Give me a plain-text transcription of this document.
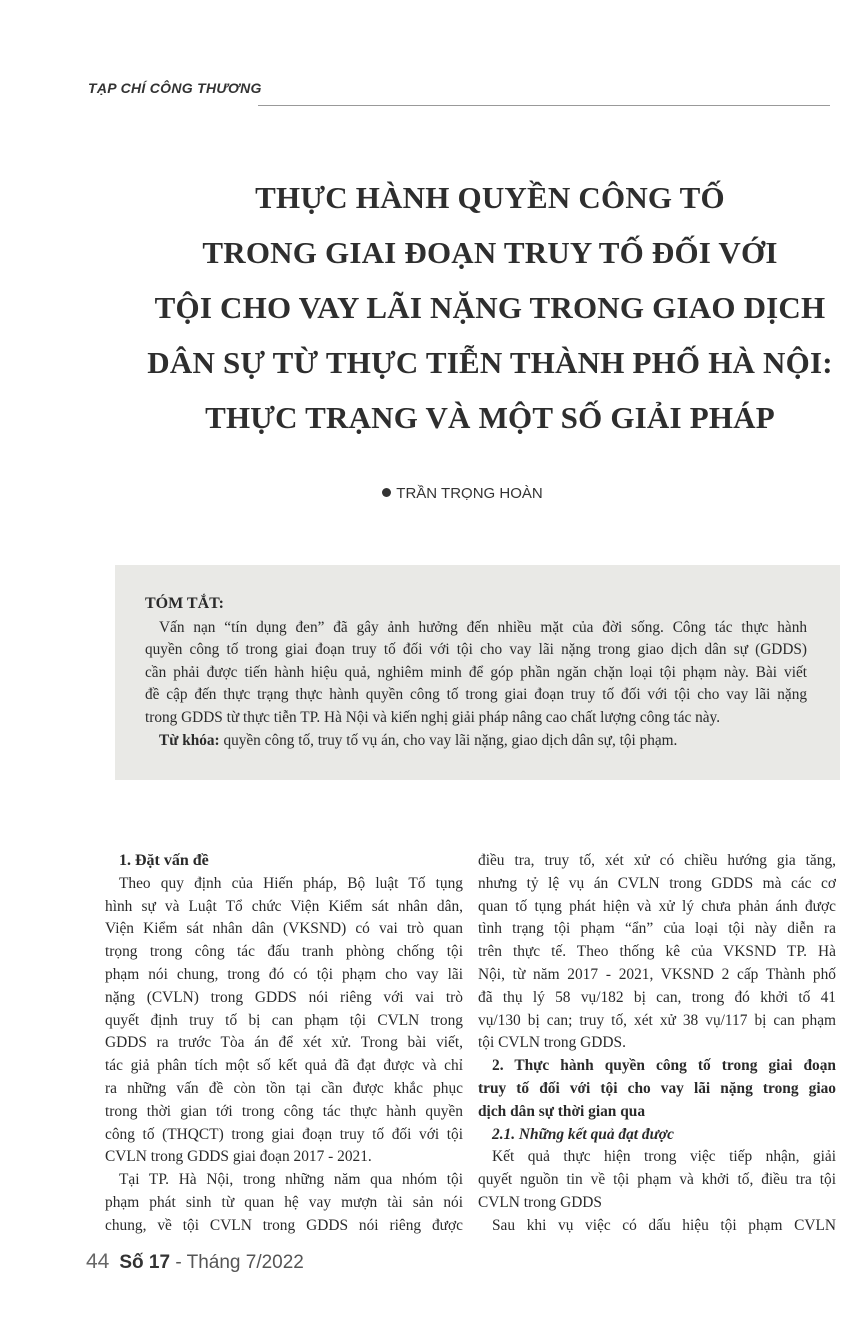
TẠP CHÍ CÔNG THƯƠNG
THỰC HÀNH QUYỀN CÔNG TỐ
TRONG GIAI ĐOẠN TRUY TỐ ĐỐI VỚI
TỘI CHO VAY LÃI NẶNG TRONG GIAO DỊCH
DÂN SỰ TỪ THỰC TIỄN THÀNH PHỐ HÀ NỘI:
THỰC TRẠNG VÀ MỘT SỐ GIẢI PHÁP
TRẦN TRỌNG HOÀN
TÓM TẮT:
Vấn nạn “tín dụng đen” đã gây ảnh hưởng đến nhiều mặt của đời sống. Công tác thực hành
quyền công tố trong giai đoạn truy tố đối với tội cho vay lãi nặng trong giao dịch dân sự (GDDS)
cần phải được tiến hành hiệu quả, nghiêm minh để góp phần ngăn chặn loại tội phạm này. Bài viết
đề cập đến thực trạng thực hành quyền công tố trong giai đoạn truy tố đối với tội cho vay lãi nặng
trong GDDS từ thực tiễn TP. Hà Nội và kiến nghị giải pháp nâng cao chất lượng công tác này.
Từ khóa: quyền công tố, truy tố vụ án, cho vay lãi nặng, giao dịch dân sự, tội phạm.
1. Đặt vấn đề
Theo quy định của Hiến pháp, Bộ luật Tố tụng
hình sự và Luật Tổ chức Viện Kiểm sát nhân dân,
Viện Kiểm sát nhân dân (VKSND) có vai trò quan
trọng trong công tác đấu tranh phòng chống tội
phạm nói chung, trong đó có tội phạm cho vay lãi
nặng (CVLN) trong GDDS nói riêng với vai trò
quyết định truy tố bị can phạm tội CVLN trong
GDDS ra trước Tòa án để xét xử. Trong bài viết,
tác giả phân tích một số kết quả đã đạt được và chỉ
ra những vấn đề còn tồn tại cần được khắc phục
trong thời gian tới trong công tác thực hành quyền
công tố (THQCT) trong giai đoạn truy tố đối với tội
CVLN trong GDDS giai đoạn 2017 - 2021.
Tại TP. Hà Nội, trong những năm qua nhóm tội
phạm phát sinh từ quan hệ vay mượn tài sản nói
chung, về tội CVLN trong GDDS nói riêng được
điều tra, truy tố, xét xử có chiều hướng gia tăng,
nhưng tỷ lệ vụ án CVLN trong GDDS mà các cơ
quan tố tụng phát hiện và xử lý chưa phản ánh được
tình trạng tội phạm “ẩn” của loại tội này diễn ra
trên thực tế. Theo thống kê của VKSND TP. Hà
Nội, từ năm 2017 - 2021, VKSND 2 cấp Thành phố
đã thụ lý 58 vụ/182 bị can, trong đó khởi tố 41
vụ/130 bị can; truy tố, xét xử 38 vụ/117 bị can phạm
tội CVLN trong GDDS.
2. Thực hành quyền công tố trong giai đoạn
truy tố đối với tội cho vay lãi nặng trong giao
dịch dân sự thời gian qua
2.1. Những kết quả đạt được
Kết quả thực hiện trong việc tiếp nhận, giải
quyết nguồn tin về tội phạm và khởi tố, điều tra tội
CVLN trong GDDS
Sau khi vụ việc có dấu hiệu tội phạm CVLN
44 Số 17 - Tháng 7/2022
